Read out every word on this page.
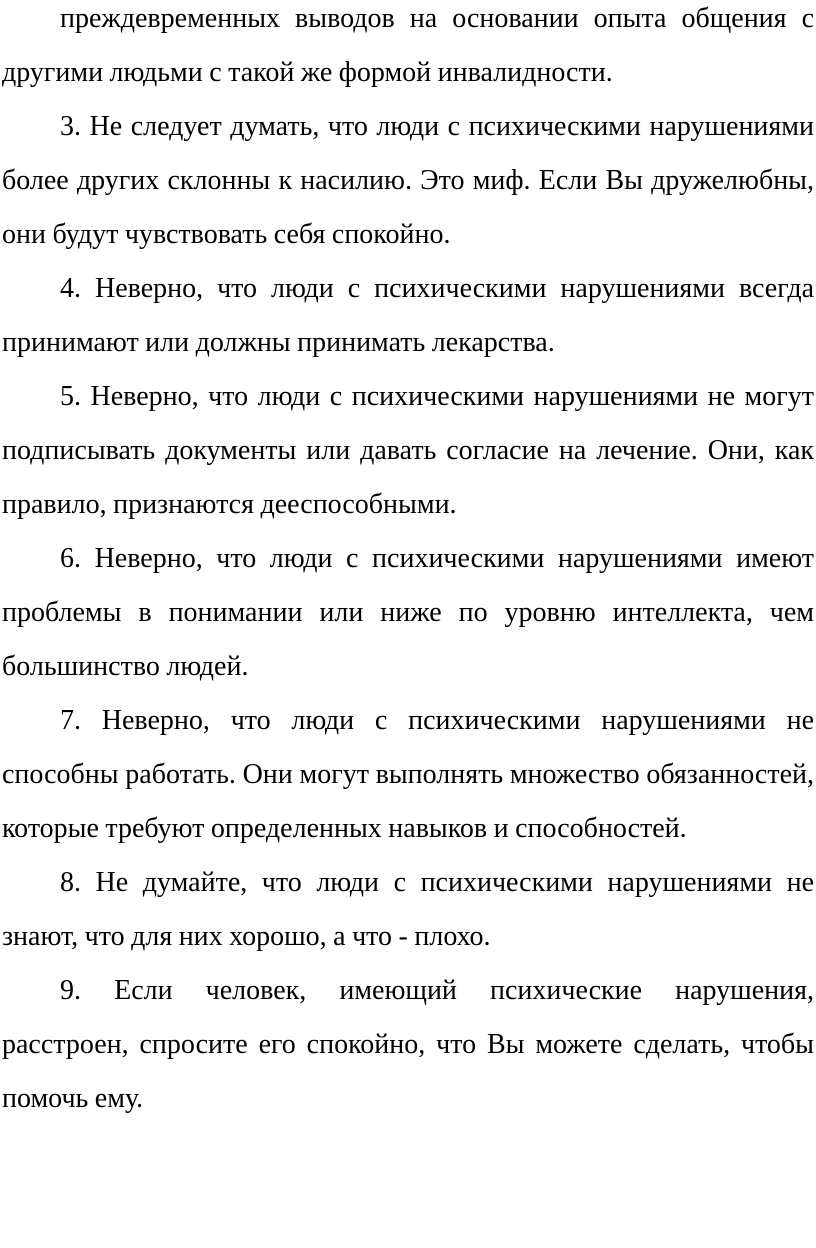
преждевременных выводов на основании опыта общения с другими людьми с такой же формой инвалидности.

3. Не следует думать, что люди с психическими нарушениями более других склонны к насилию. Это миф. Если Вы дружелюбны, они будут чувствовать себя спокойно.

4. Неверно, что люди с психическими нарушениями всегда принимают или должны принимать лекарства.

5. Неверно, что люди с психическими нарушениями не могут подписывать документы или давать согласие на лечение. Они, как правило, признаются дееспособными.

6. Неверно, что люди с психическими нарушениями имеют проблемы в понимании или ниже по уровню интеллекта, чем большинство людей.

7. Неверно, что люди с психическими нарушениями не способны работать. Они могут выполнять множество обязанностей, которые требуют определенных навыков и способностей.

8. Не думайте, что люди с психическими нарушениями не знают, что для них хорошо, а что - плохо.

9. Если человек, имеющий психические нарушения, расстроен, спросите его спокойно, что Вы можете сделать, чтобы помочь ему.
